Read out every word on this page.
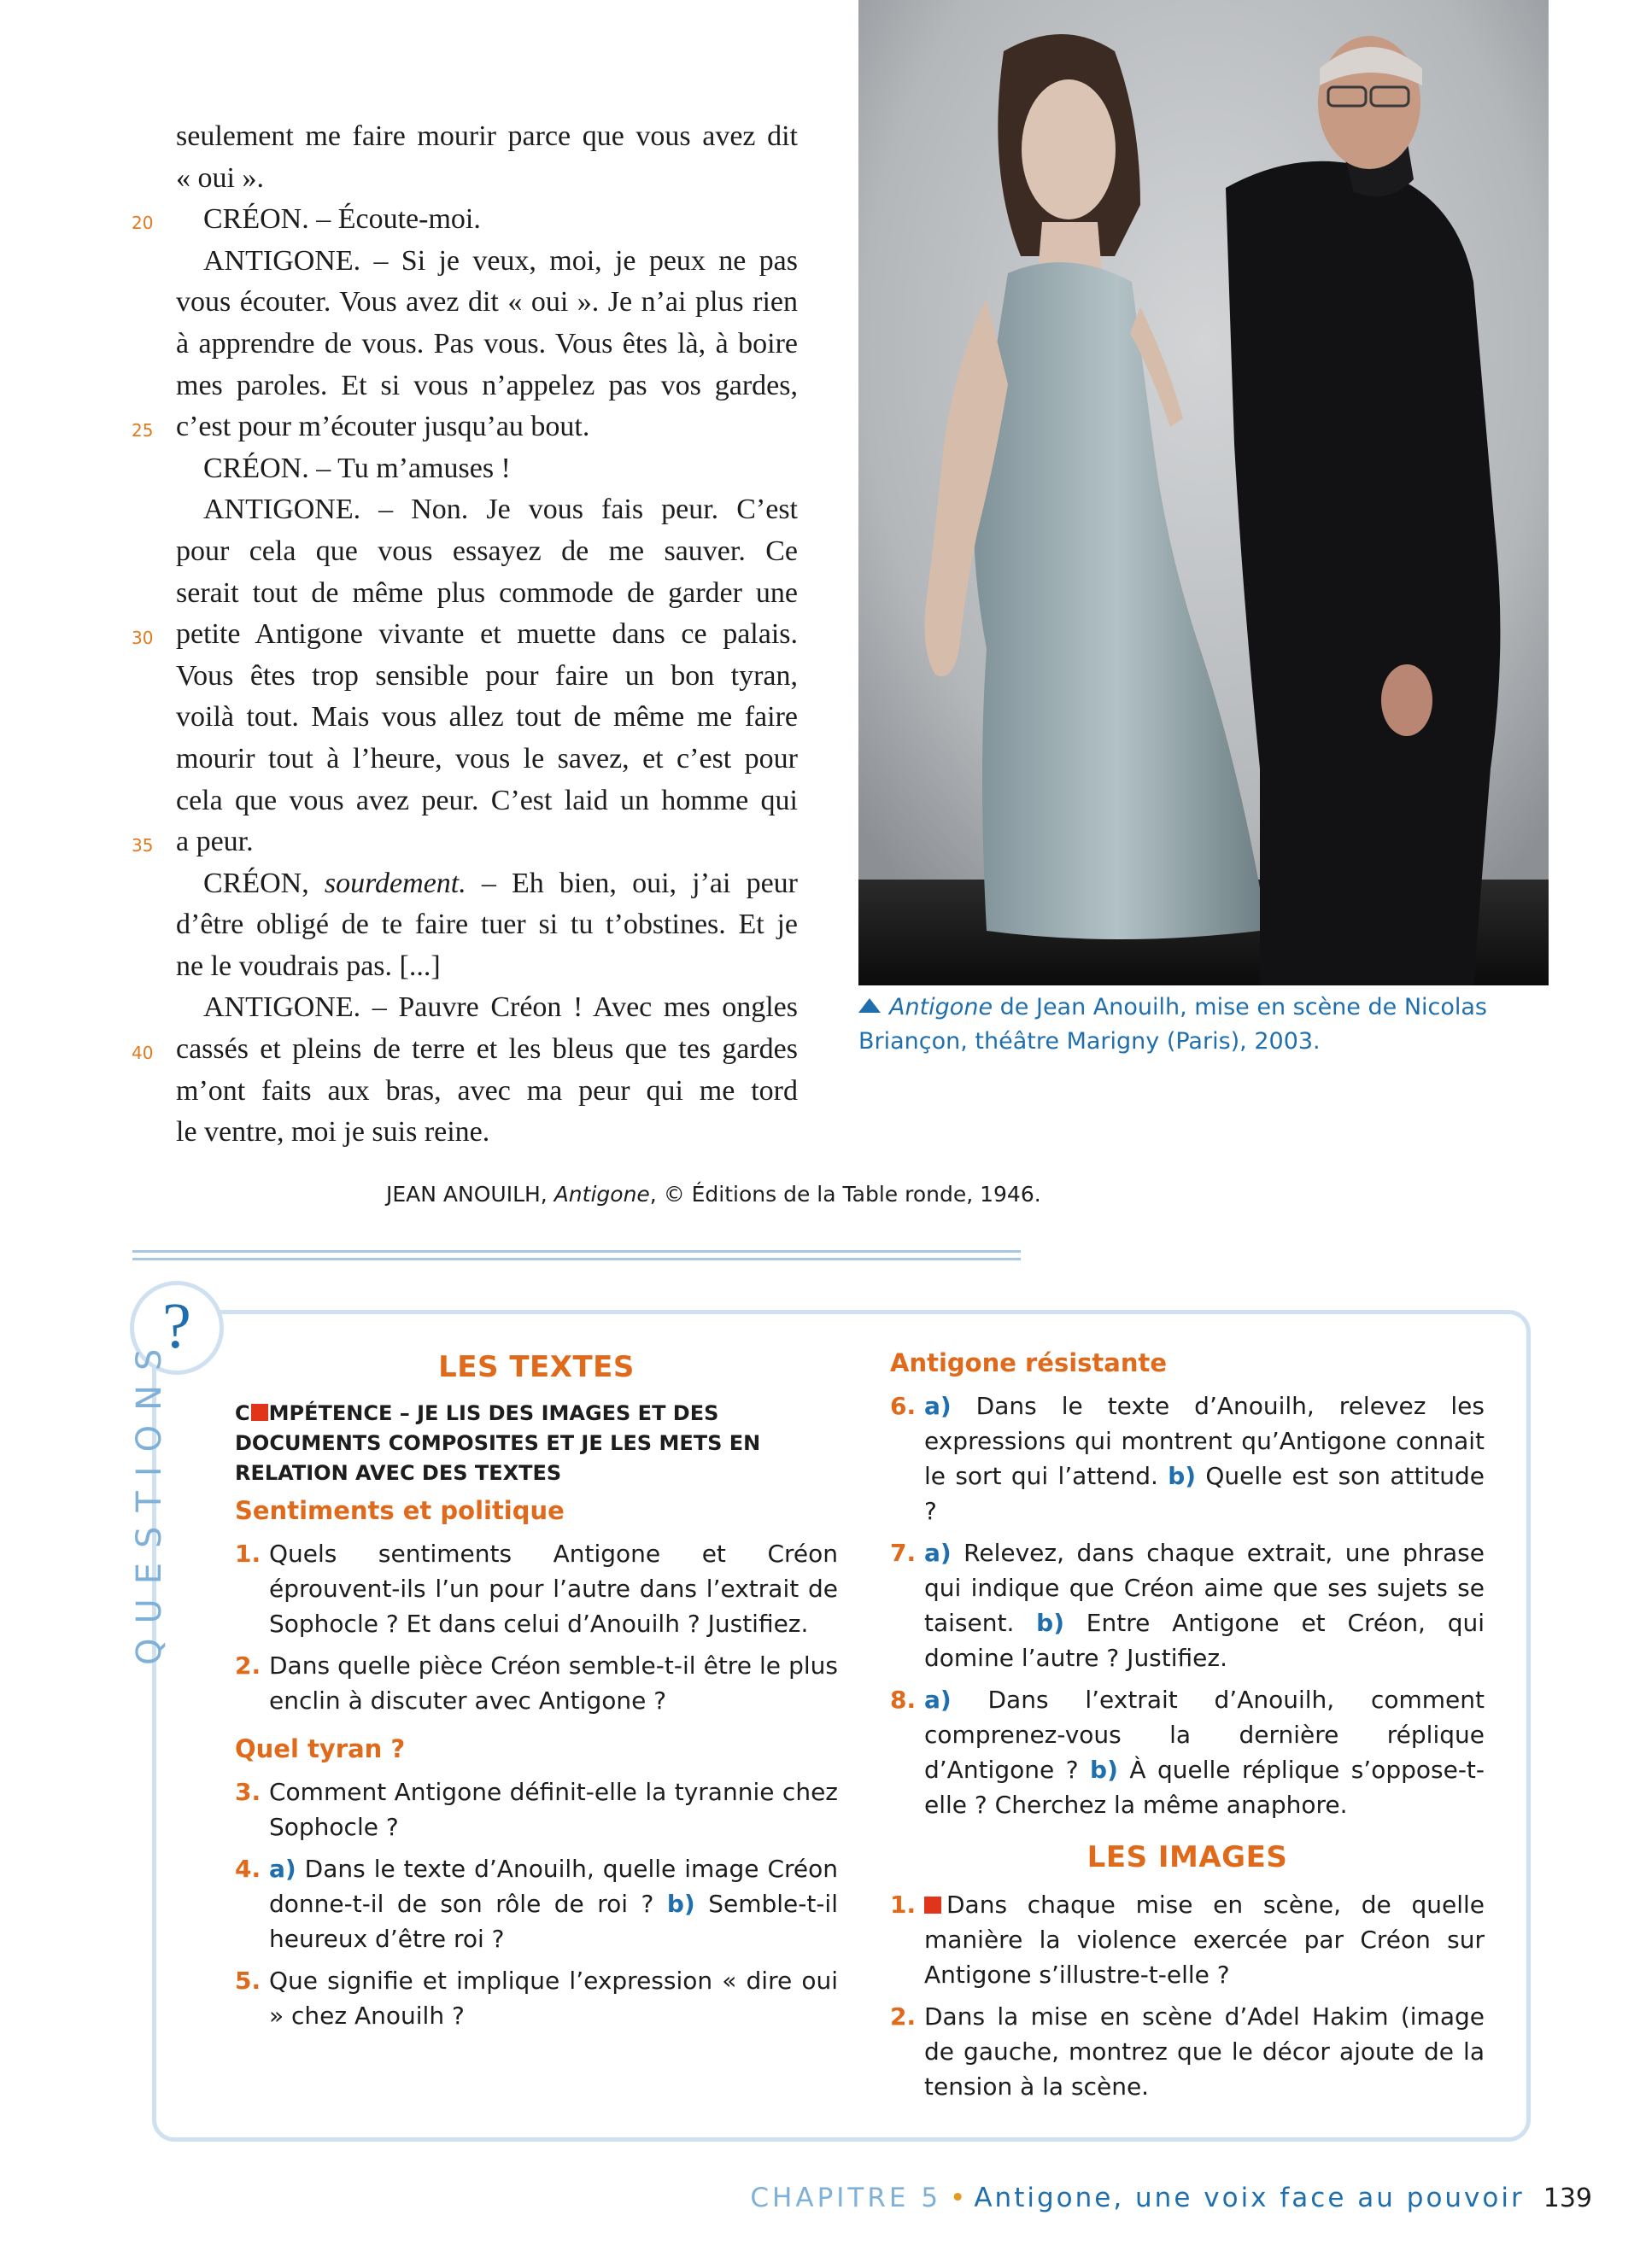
seulement me faire mourir parce que vous avez dit
« oui ».
20 CRÉON. – Écoute-moi.
ANTIGONE. – Si je veux, moi, je peux ne pas
vous écouter. Vous avez dit « oui ». Je n’ai plus rien
à apprendre de vous. Pas vous. Vous êtes là, à boire
mes paroles. Et si vous n’appelez pas vos gardes,
25 c’est pour m’écouter jusqu’au bout.
CRÉON. – Tu m’amuses !
ANTIGONE. – Non. Je vous fais peur. C’est
pour cela que vous essayez de me sauver. Ce
serait tout de même plus commode de garder une
30 petite Antigone vivante et muette dans ce palais.
Vous êtes trop sensible pour faire un bon tyran,
voilà tout. Mais vous allez tout de même me faire
mourir tout à l’heure, vous le savez, et c’est pour
cela que vous avez peur. C’est laid un homme qui
35 a peur.
CRÉON, sourdement. – Eh bien, oui, j’ai peur
d’être obligé de te faire tuer si tu t’obstines. Et je
ne le voudrais pas. [...]
ANTIGONE. – Pauvre Créon ! Avec mes ongles
40 cassés et pleins de terre et les bleus que tes gardes
m’ont faits aux bras, avec ma peur qui me tord
le ventre, moi je suis reine.
Antigone de Jean Anouilh, mise en scène de Nicolas Briançon, théâtre Marigny (Paris), 2003.
JEAN ANOUILH, Antigone, © Éditions de la Table ronde, 1946.
?
QUESTIONS	LES TEXTES
C MPÉTENCE – JE LIS DES IMAGES ET DES DOCUMENTS COMPOSITES ET JE LES METS EN RELATION AVEC DES TEXTES
Sentiments et politique
1. Quels sentiments Antigone et Créon éprouvent-ils l’un pour l’autre dans l’extrait de Sophocle ? Et dans celui d’Anouilh ? Justifiez.
2. Dans quelle pièce Créon semble-t-il être le plus enclin à discuter avec Antigone ?
Quel tyran ?
3. Comment Antigone définit-elle la tyrannie chez Sophocle ?
4. a) Dans le texte d’Anouilh, quelle image Créon donne-t-il de son rôle de roi ? b) Semble-t-il heureux d’être roi ?
5. Que signifie et implique l’expression « dire oui » chez Anouilh ?
Antigone résistante
6. a) Dans le texte d’Anouilh, relevez les expressions qui montrent qu’Antigone connait le sort qui l’attend. b) Quelle est son attitude ?
7. a) Relevez, dans chaque extrait, une phrase qui indique que Créon aime que ses sujets se taisent. b) Entre Antigone et Créon, qui domine l’autre ? Justifiez.
8. a) Dans l’extrait d’Anouilh, comment comprenez-vous la dernière réplique d’Antigone ? b) À quelle réplique s’oppose-t-elle ? Cherchez la même anaphore.
LES IMAGES
1. Dans chaque mise en scène, de quelle manière la violence exercée par Créon sur Antigone s’illustre-t-elle ?
2. Dans la mise en scène d’Adel Hakim (image de gauche, montrez que le décor ajoute de la tension à la scène.
CHAPITRE 5 • Antigone, une voix face au pouvoir 139
